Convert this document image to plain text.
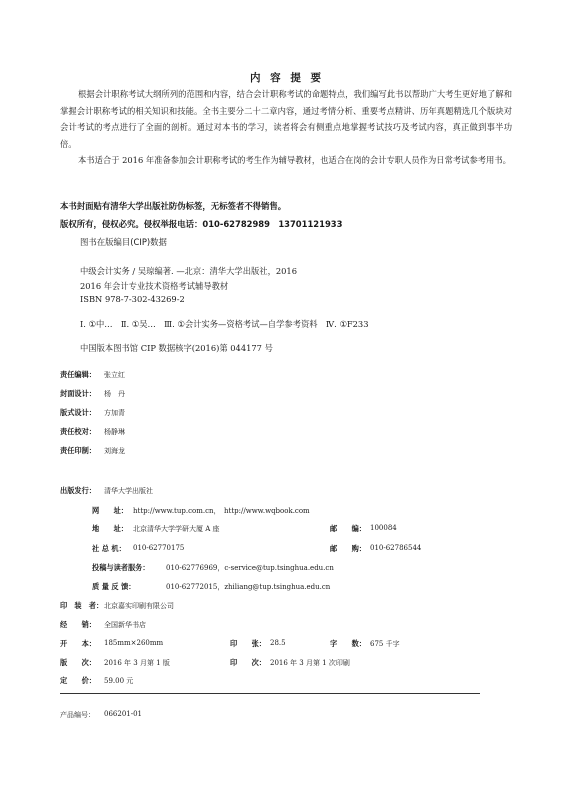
内 容 提 要
根据会计职称考试大纲所列的范围和内容，结合会计职称考试的命题特点，我们编写此书以帮助广大考生更好地了解和掌握会计职称考试的相关知识和技能。全书主要分二十二章内容，通过考情分析、重要考点精讲、历年真题精选几个版块对会计考试的考点进行了全面的剖析。通过对本书的学习，读者将会有侧重点地掌握考试技巧及考试内容，真正做到事半功倍。
本书适合于 2016 年准备参加会计职称考试的考生作为辅导教材，也适合在岗的会计专职人员作为日常考试参考用书。
本书封面贴有清华大学出版社防伪标签，无标签者不得销售。
版权所有，侵权必究。侵权举报电话：010-62782989　13701121933
图书在版编目(CIP)数据
中级会计实务 / 吴琼编著. —北京：清华大学出版社，2016
2016 年会计专业技术资格考试辅导教材
ISBN 978-7-302-43269-2
Ⅰ. ①中…　Ⅱ. ①吴…　Ⅲ. ①会计实务—资格考试—自学参考资料　Ⅳ. ①F233
中国版本图书馆 CIP 数据核字(2016)第 044177 号
责任编辑： 张立红
封面设计： 杨　丹
版式设计： 方加青
责任校对： 杨静琳
责任印制： 刘海龙
出版发行： 清华大学出版社
网　　址： http://www.tup.com.cn，　http://www.wqbook.com
地　　址： 北京清华大学学研大厦 A 座	邮　　编： 100084
社 总 机： 010-62770175	邮　　购： 010-62786544
投稿与读者服务： 010-62776969，c-service@tup.tsinghua.edu.cn
质 量 反 馈：	010-62772015，zhiliang@tup.tsinghua.edu.cn
印　装　者： 北京嘉实印刷有限公司
经　　销： 全国新华书店
开　　本： 185mm×260mm	印　　张： 28.5	字　　数： 675 千字
版　　次： 2016 年 3 月第 1 版	印　　次： 2016 年 3 月第 1 次印刷
定　　价： 59.00 元
产品编号： 066201-01
